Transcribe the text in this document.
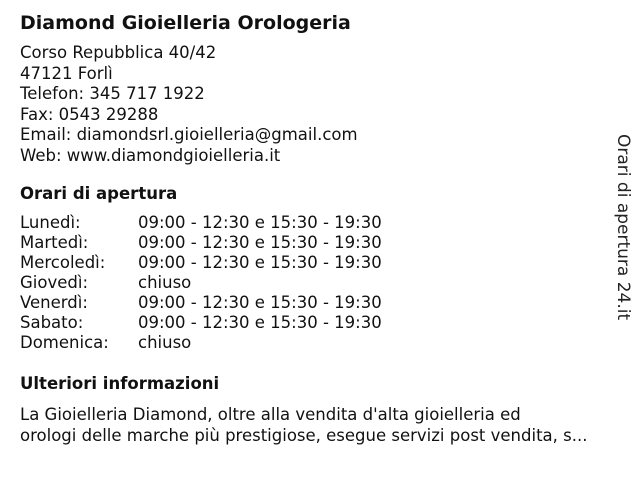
Diamond Gioielleria Orologeria
Corso Repubblica 40/42
47121 Forlì
Telefon: 345 717 1922
Fax: 0543 29288
Email: diamondsrl.gioielleria@gmail.com
Web: www.diamondgioielleria.it
Orari di apertura
Lunedì:	09:00 - 12:30 e 15:30 - 19:30
Martedì:	09:00 - 12:30 e 15:30 - 19:30
Mercoledì: 09:00 - 12:30 e 15:30 - 19:30
Giovedì:	chiuso
Venerdì:	09:00 - 12:30 e 15:30 - 19:30
Sabato:	09:00 - 12:30 e 15:30 - 19:30
Domenica: chiuso
Ulteriori informazioni
La Gioielleria Diamond, oltre alla vendita d'alta gioielleria ed
orologi delle marche più prestigiose, esegue servizi post vendita, s...
Orari di apertura 24.it
